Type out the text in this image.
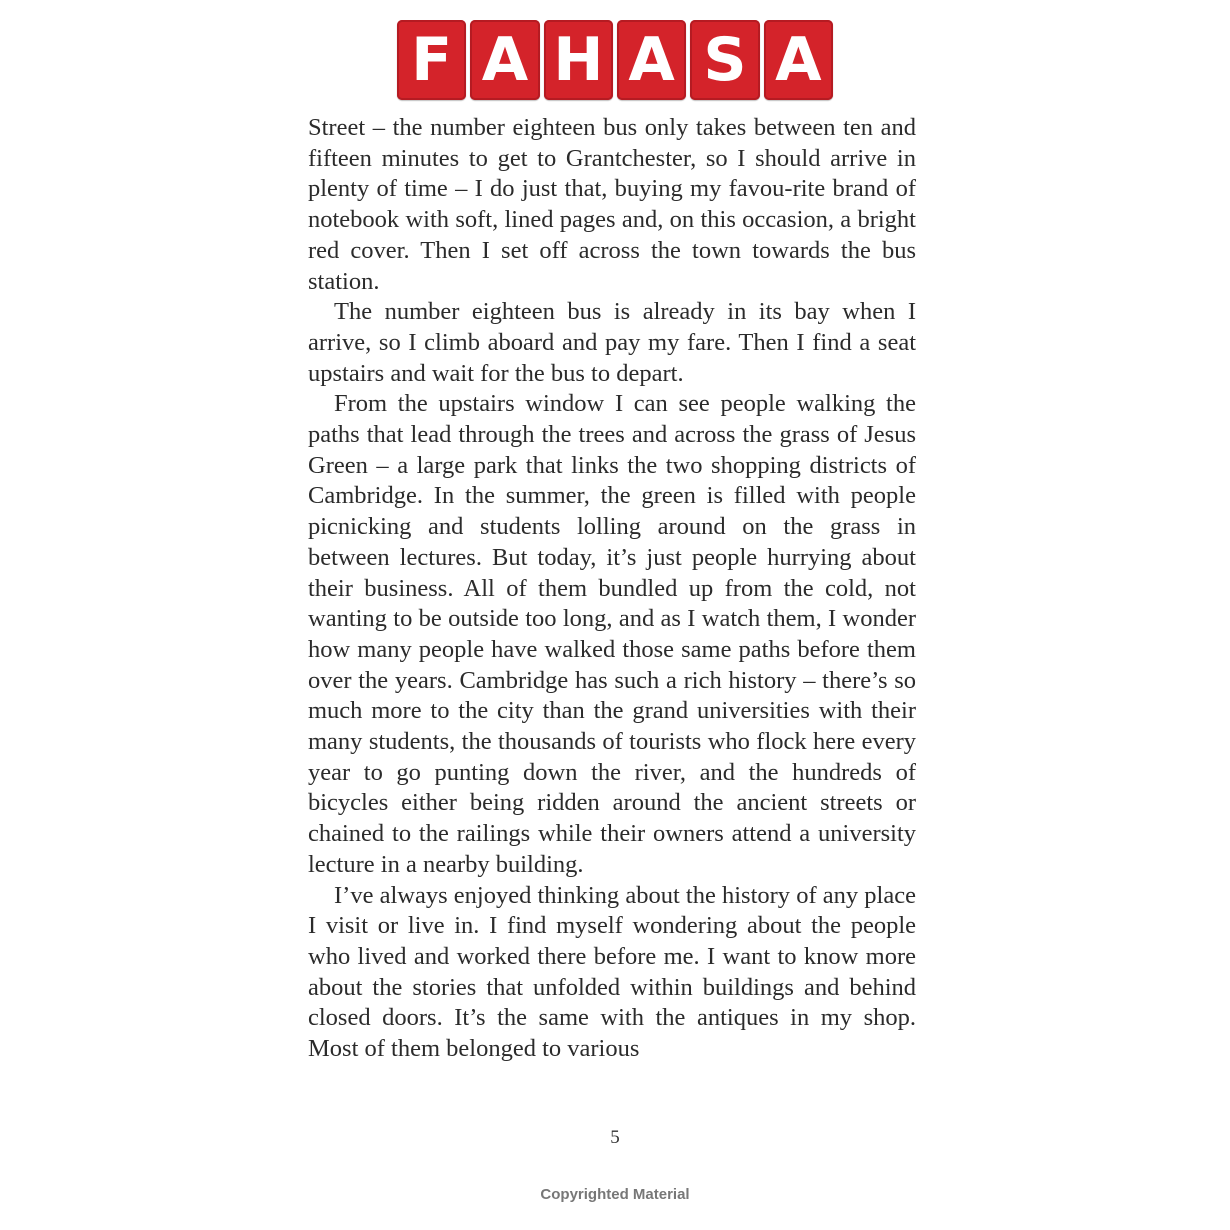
F A H A S A

Street – the number eighteen bus only takes between ten and fifteen minutes to get to Grantchester, so I should arrive in plenty of time – I do just that, buying my favou-rite brand of notebook with soft, lined pages and, on this occasion, a bright red cover. Then I set off across the town towards the bus station.

The number eighteen bus is already in its bay when I arrive, so I climb aboard and pay my fare. Then I find a seat upstairs and wait for the bus to depart.

From the upstairs window I can see people walking the paths that lead through the trees and across the grass of Jesus Green – a large park that links the two shopping districts of Cambridge. In the summer, the green is filled with people picnicking and students lolling around on the grass in between lectures. But today, it’s just people hurrying about their business. All of them bundled up from the cold, not wanting to be outside too long, and as I watch them, I wonder how many people have walked those same paths before them over the years. Cambridge has such a rich history – there’s so much more to the city than the grand universities with their many students, the thousands of tourists who flock here every year to go punting down the river, and the hundreds of bicycles either being ridden around the ancient streets or chained to the railings while their owners attend a university lecture in a nearby building.

I’ve always enjoyed thinking about the history of any place I visit or live in. I find myself wondering about the people who lived and worked there before me. I want to know more about the stories that unfolded within buildings and behind closed doors. It’s the same with the antiques in my shop. Most of them belonged to various

5
Copyrighted Material
